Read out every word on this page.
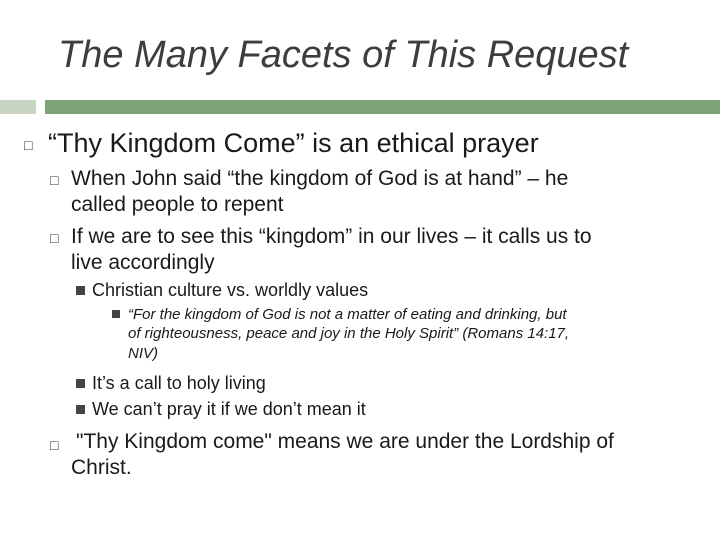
The Many Facets of This Request
□ “Thy Kingdom Come” is an ethical prayer
□ When John said “the kingdom of God is at hand” – he
called people to repent
□ If we are to see this “kingdom” in our lives – it calls us to
live accordingly
Christian culture vs. worldly values
“For the kingdom of God is not a matter of eating and drinking, but
of righteousness, peace and joy in the Holy Spirit” (Romans 14:17,
NIV)
It’s a call to holy living
We can’t pray it if we don’t mean it
□ "Thy Kingdom come" means we are under the Lordship of
Christ.
